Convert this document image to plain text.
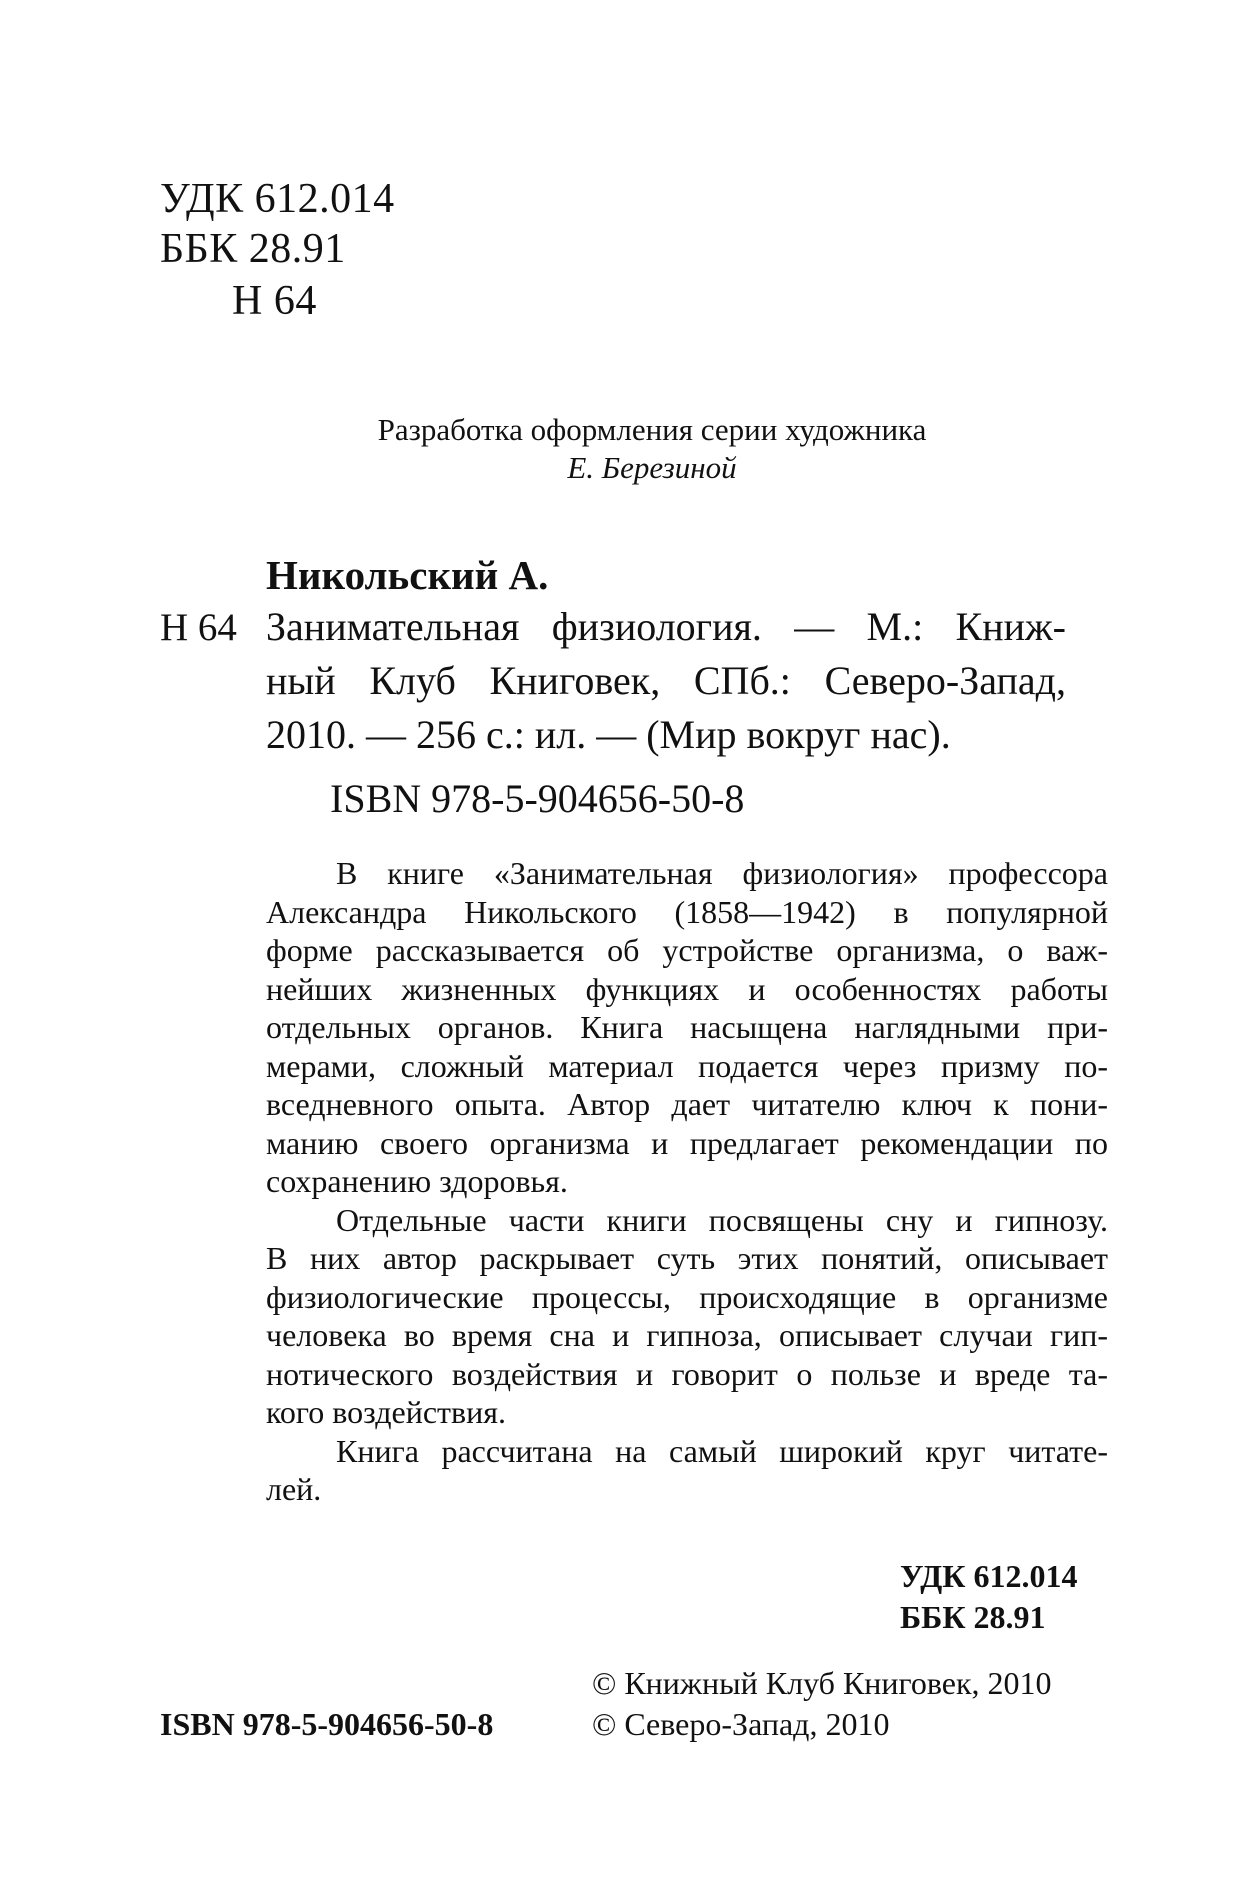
УДК 612.014
ББК 28.91
Н 64
Разработка оформления серии художника
Е. Березиной
Никольский А.
Н 64 Занимательная физиология. — М.: Книж-
ный Клуб Книговек, СПб.: Северо-Запад,
2010. — 256 с.: ил. — (Мир вокруг нас).
ISBN 978-5-904656-50-8
В книге «Занимательная физиология» профессора
Александра Никольского (1858—1942) в популярной
форме рассказывается об устройстве организма, о важ-
нейших жизненных функциях и особенностях работы
отдельных органов. Книга насыщена наглядными при-
мерами, сложный материал подается через призму по-
вседневного опыта. Автор дает читателю ключ к пони-
манию своего организма и предлагает рекомендации по
сохранению здоровья.
Отдельные части книги посвящены сну и гипнозу.
В них автор раскрывает суть этих понятий, описывает
физиологические процессы, происходящие в организме
человека во время сна и гипноза, описывает случаи гип-
нотического воздействия и говорит о пользе и вреде та-
кого воздействия.
Книга рассчитана на самый широкий круг читате-
лей.
УДК 612.014
ББК 28.91
© Книжный Клуб Книговек, 2010
© Северо-Запад, 2010
ISBN 978-5-904656-50-8
